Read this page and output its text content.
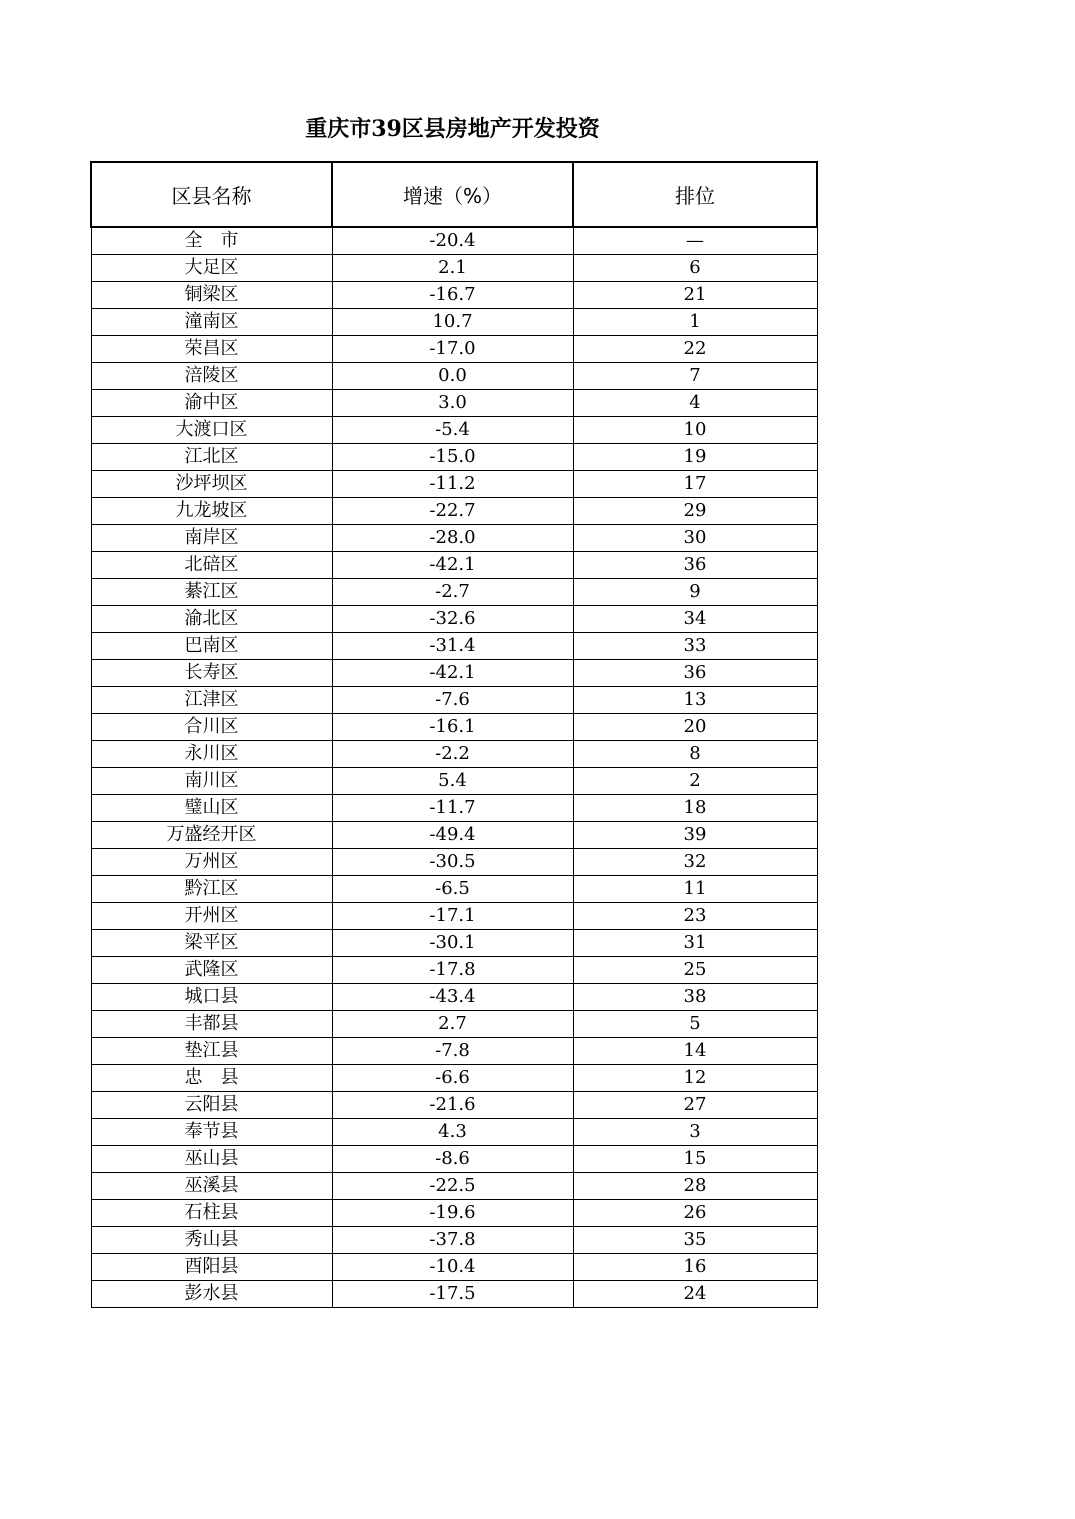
重庆市39区县房地产开发投资
区县名称	增速（%）	排位
全　市	-20.4	—
大足区	2.1	6
铜梁区	-16.7	21
潼南区	10.7	1
荣昌区	-17.0	22
涪陵区	0.0	7
渝中区	3.0	4
大渡口区	-5.4	10
江北区	-15.0	19
沙坪坝区	-11.2	17
九龙坡区	-22.7	29
南岸区	-28.0	30
北碚区	-42.1	36
綦江区	-2.7	9
渝北区	-32.6	34
巴南区	-31.4	33
长寿区	-42.1	36
江津区	-7.6	13
合川区	-16.1	20
永川区	-2.2	8
南川区	5.4	2
璧山区	-11.7	18
万盛经开区	-49.4	39
万州区	-30.5	32
黔江区	-6.5	11
开州区	-17.1	23
梁平区	-30.1	31
武隆区	-17.8	25
城口县	-43.4	38
丰都县	2.7	5
垫江县	-7.8	14
忠　县	-6.6	12
云阳县	-21.6	27
奉节县	4.3	3
巫山县	-8.6	15
巫溪县	-22.5	28
石柱县	-19.6	26
秀山县	-37.8	35
酉阳县	-10.4	16
彭水县	-17.5	24
